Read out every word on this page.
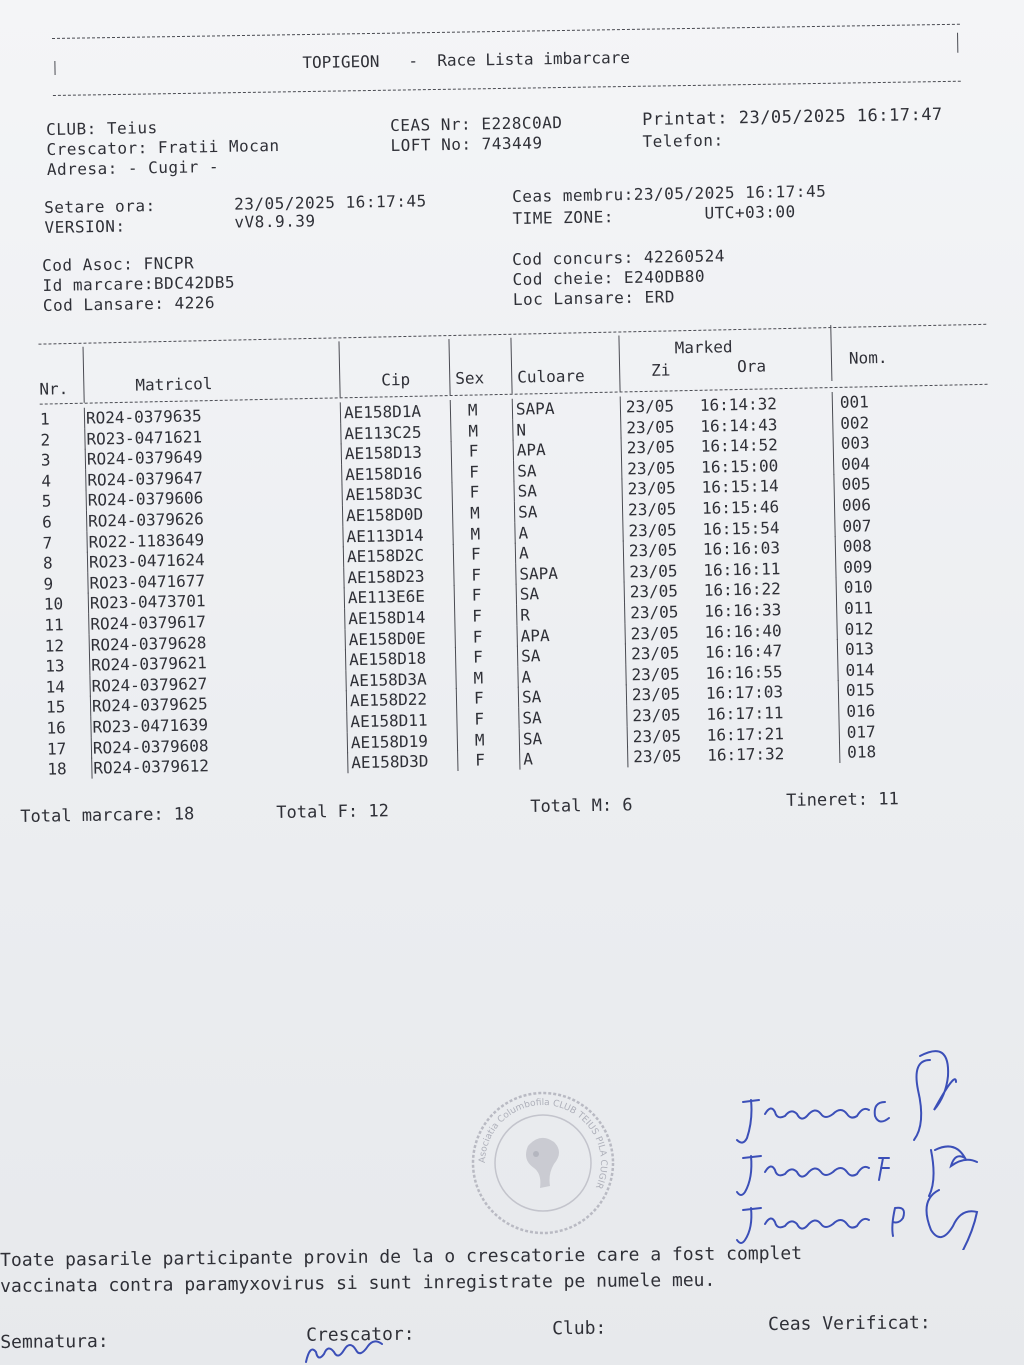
TOPIGEON - Race Lista imbarcare
CLUB: Teius
Crescator: Fratii Mocan
Adresa: - Cugir -
CEAS Nr: E228C0AD
LOFT No: 743449
Printat: 23/05/2025 16:17:47
Telefon:
Setare ora:	23/05/2025 16:17:45
VERSION:	vV8.9.39
Ceas membru:23/05/2025 16:17:45
TIME ZONE:	UTC+03:00
Cod Asoc: FNCPR
Id marcare:BDC42DB5
Cod Lansare: 4226
Cod concurs: 42260524
Cod cheie: E240DB80
Loc Lansare: ERD
Nr.	Matricol	Cip	Sex Culoare
Marked
Zi	Ora	Nom.
1 RO24-0379635	AE158D1A	M SAPA	23/05 16:14:32	001
2 RO23-0471621	AE113C25	M N	23/05 16:14:43	002
3 RO24-0379649	AE158D13	F APA	23/05 16:14:52	003
4 RO24-0379647	AE158D16	F SA	23/05 16:15:00	004
5 RO24-0379606	AE158D3C	F SA	23/05 16:15:14	005
6 RO24-0379626	AE158D0D	M SA	23/05 16:15:46	006
7 RO22-1183649	AE113D14	M A	23/05 16:15:54	007
8 RO23-0471624	AE158D2C	F A	23/05 16:16:03	008
9 RO23-0471677	AE158D23	F SAPA	23/05 16:16:11	009
10 RO23-0473701	AE113E6E	F SA	23/05 16:16:22	010
11 RO24-0379617	AE158D14	F R	23/05 16:16:33	011
12 RO24-0379628	AE158D0E	F APA	23/05 16:16:40	012
13 RO24-0379621	AE158D18	F SA	23/05 16:16:47	013
14 RO24-0379627	AE158D3A	M A	23/05 16:16:55	014
15 RO24-0379625	AE158D22	F SA	23/05 16:17:03	015
16 RO23-0471639	AE158D11	F SA	23/05 16:17:11	016
17 RO24-0379608	AE158D19	M SA	23/05 16:17:21	017
18 RO24-0379612	AE158D3D	F A	23/05 16:17:32	018
Total marcare: 18	Total F: 12	Total M: 6	Tineret: 11
Asociatia Columbofila CLUB TEIUS PILA CUGIR
Toate pasarile participante provin de la o crescatorie care a fost complet
vaccinata contra paramyxovirus si sunt inregistrate pe numele meu.
Semnatura:	Crescator:	Club:	Ceas Verificat:
